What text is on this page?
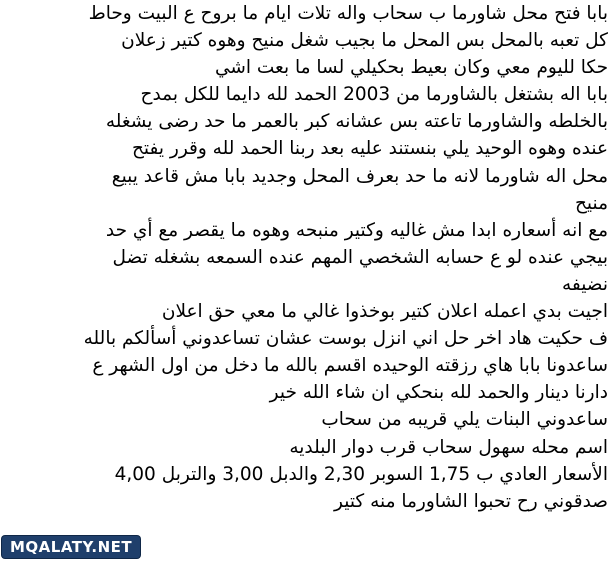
بابا فتح محل شاورما ب سحاب واله تلات ايام ما بروح ع البيت وحاط
كل تعبه بالمحل بس المحل ما بجيب شغل منيح وهوه كتير زعلان
حكا لليوم معي وكان بعيط بحكيلي لسا ما بعت اشي
بابا اله بشتغل بالشاورما من 2003 الحمد لله دايما للكل بمدح
بالخلطه والشاورما تاعته بس عشانه كبر بالعمر ما حد رضى يشغله
عنده وهوه الوحيد يلي بنستند عليه بعد ربنا الحمد لله وقرر يفتح
محل اله شاورما لانه ما حد بعرف المحل وجديد بابا مش قاعد يبيع
منيح
مع انه أسعاره ابدا مش غاليه وكتير منبحه وهوه ما يقصر مع أي حد
بيجي عنده لو ع حسابه الشخصي المهم عنده السمعه بشغله تضل
نضيفه
اجيت بدي اعمله اعلان كتير بوخذوا غالي ما معي حق اعلان
ف حكيت هاد اخر حل اني انزل بوست عشان تساعدوني أسألكم بالله
ساعدونا بابا هاي رزقته الوحيده اقسم بالله ما دخل من اول الشهر ع
دارنا دينار والحمد لله بنحكي ان شاء الله خير
ساعدوني البنات يلي قريبه من سحاب
اسم محله سهول سحاب قرب دوار البلديه
الأسعار العادي ب 1,75 السوبر 2,30 والدبل 3,00 والتربل 4,00
صدقوني رح تحبوا الشاورما منه كتير
MQALATY.NET
